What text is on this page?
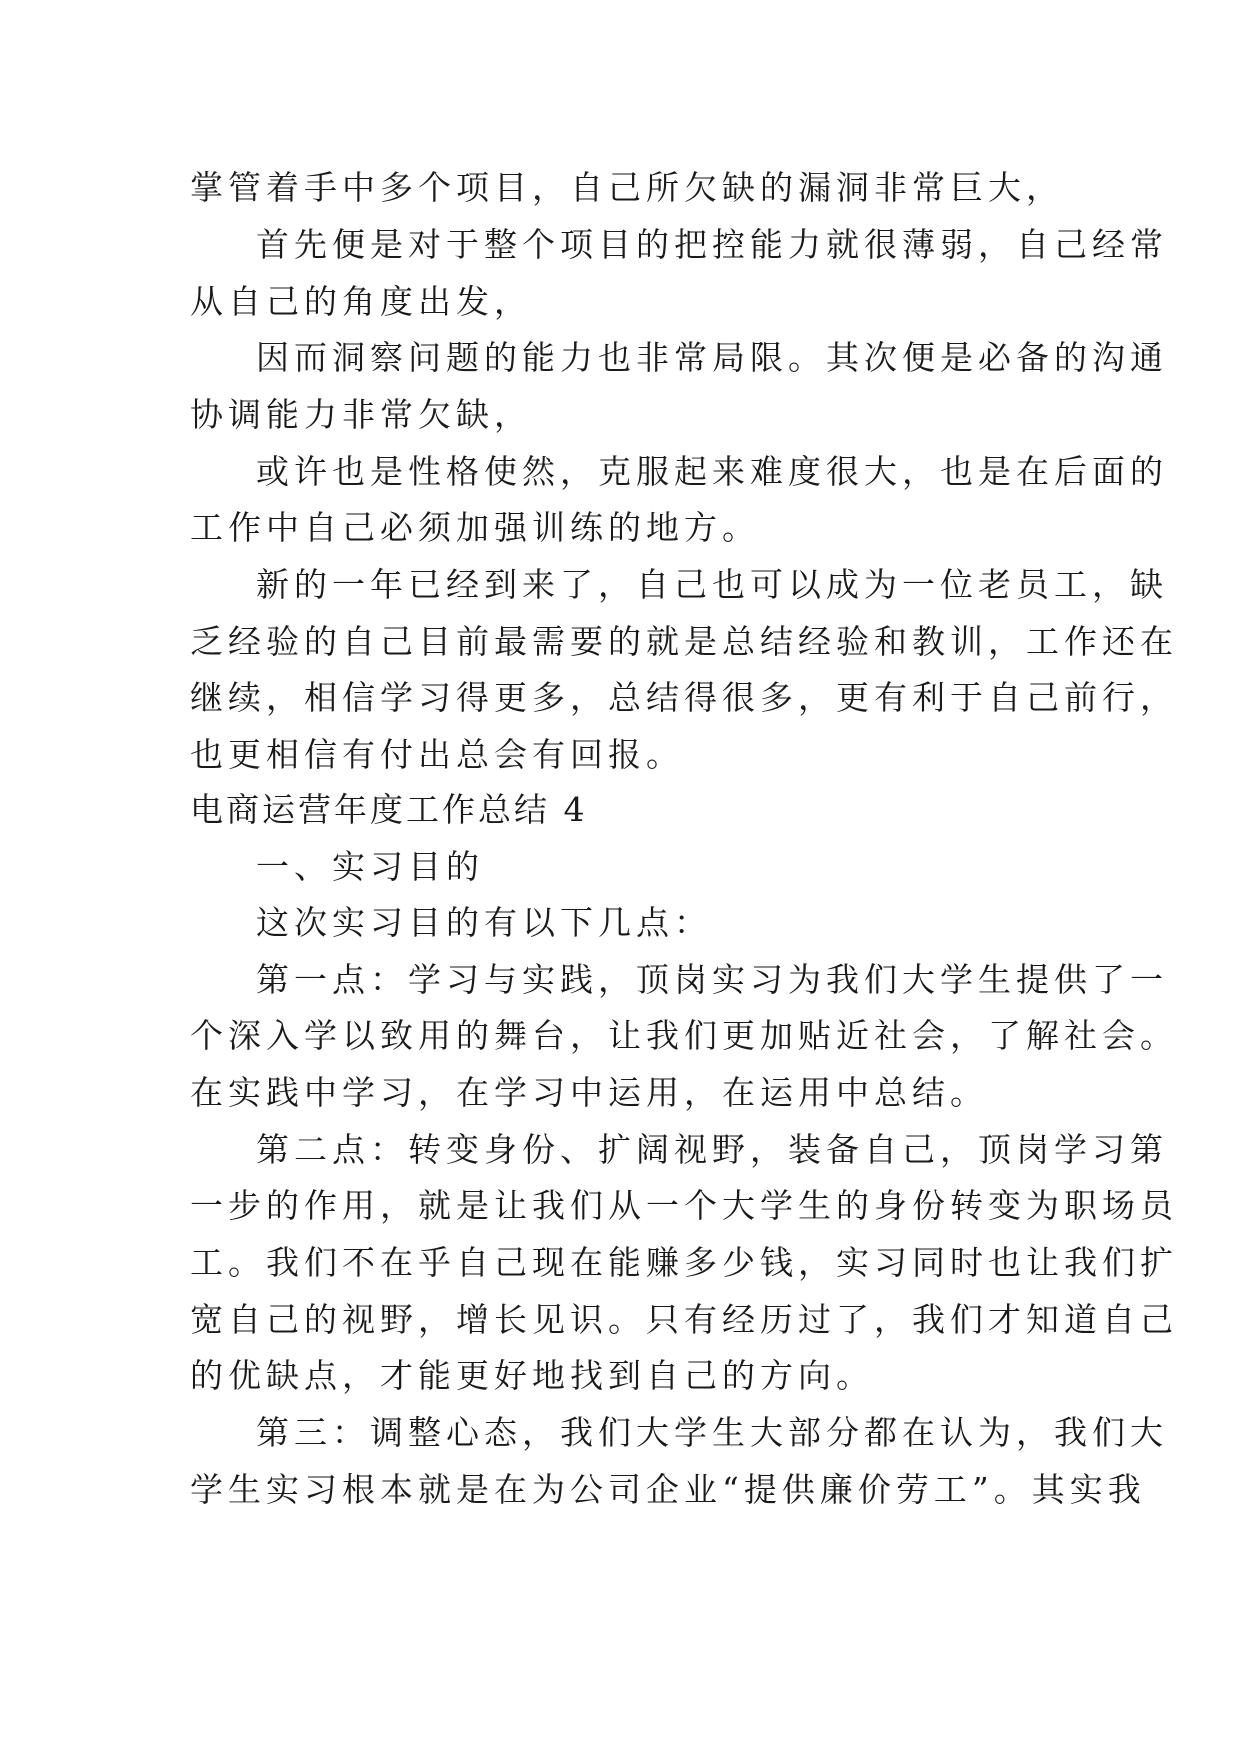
掌管着手中多个项目，自己所欠缺的漏洞非常巨大，
首先便是对于整个项目的把控能力就很薄弱，自己经常
从自己的角度出发，
因而洞察问题的能力也非常局限。其次便是必备的沟通
协调能力非常欠缺，
或许也是性格使然，克服起来难度很大，也是在后面的
工作中自己必须加强训练的地方。
新的一年已经到来了，自己也可以成为一位老员工，缺
乏经验的自己目前最需要的就是总结经验和教训，工作还在
继续，相信学习得更多，总结得很多，更有利于自己前行，
也更相信有付出总会有回报。
电商运营年度工作总结 4
一、实习目的
这次实习目的有以下几点：
第一点：学习与实践，顶岗实习为我们大学生提供了一
个深入学以致用的舞台，让我们更加贴近社会，了解社会。
在实践中学习，在学习中运用，在运用中总结。
第二点：转变身份、扩阔视野，装备自己，顶岗学习第
一步的作用，就是让我们从一个大学生的身份转变为职场员
工。我们不在乎自己现在能赚多少钱，实习同时也让我们扩
宽自己的视野，增长见识。只有经历过了，我们才知道自己
的优缺点，才能更好地找到自己的方向。
第三：调整心态，我们大学生大部分都在认为，我们大
学生实习根本就是在为公司企业“提供廉价劳工”。其实我
